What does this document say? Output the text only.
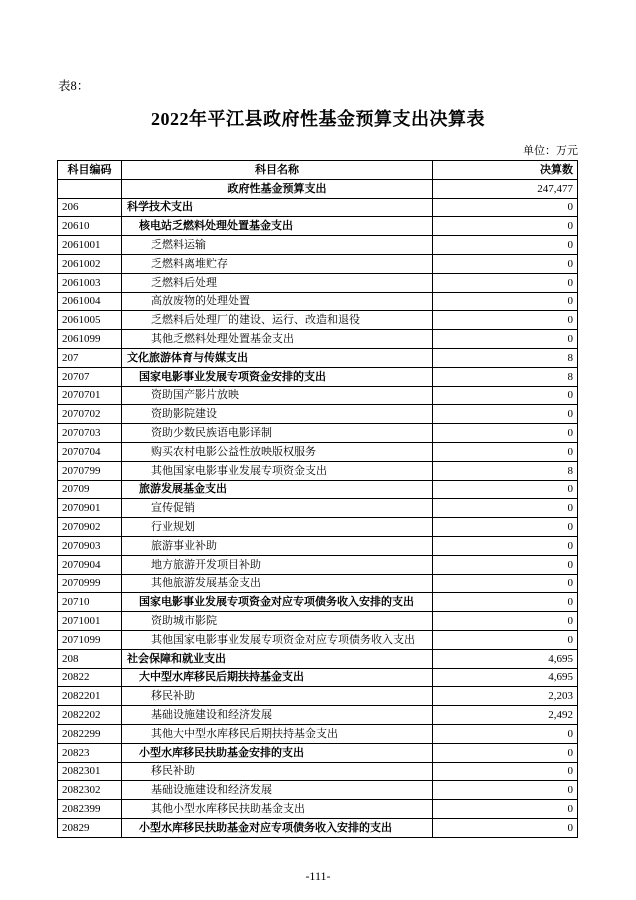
表8：
2022年平江县政府性基金预算支出决算表
单位：万元
科目编码	科目名称	决算数
	政府性基金预算支出	247,477
206	科学技术支出	0
20610	核电站乏燃料处理处置基金支出	0
2061001	乏燃料运输	0
2061002	乏燃料离堆贮存	0
2061003	乏燃料后处理	0
2061004	高放废物的处理处置	0
2061005	乏燃料后处理厂的建设、运行、改造和退役	0
2061099	其他乏燃料处理处置基金支出	0
207	文化旅游体育与传媒支出	8
20707	国家电影事业发展专项资金安排的支出	8
2070701	资助国产影片放映	0
2070702	资助影院建设	0
2070703	资助少数民族语电影译制	0
2070704	购买农村电影公益性放映版权服务	0
2070799	其他国家电影事业发展专项资金支出	8
20709	旅游发展基金支出	0
2070901	宣传促销	0
2070902	行业规划	0
2070903	旅游事业补助	0
2070904	地方旅游开发项目补助	0
2070999	其他旅游发展基金支出	0
20710	国家电影事业发展专项资金对应专项债务收入安排的支出	0
2071001	资助城市影院	0
2071099	其他国家电影事业发展专项资金对应专项债务收入支出	0
208	社会保障和就业支出	4,695
20822	大中型水库移民后期扶持基金支出	4,695
2082201	移民补助	2,203
2082202	基础设施建设和经济发展	2,492
2082299	其他大中型水库移民后期扶持基金支出	0
20823	小型水库移民扶助基金安排的支出	0
2082301	移民补助	0
2082302	基础设施建设和经济发展	0
2082399	其他小型水库移民扶助基金支出	0
20829	小型水库移民扶助基金对应专项债务收入安排的支出	0
-111-
